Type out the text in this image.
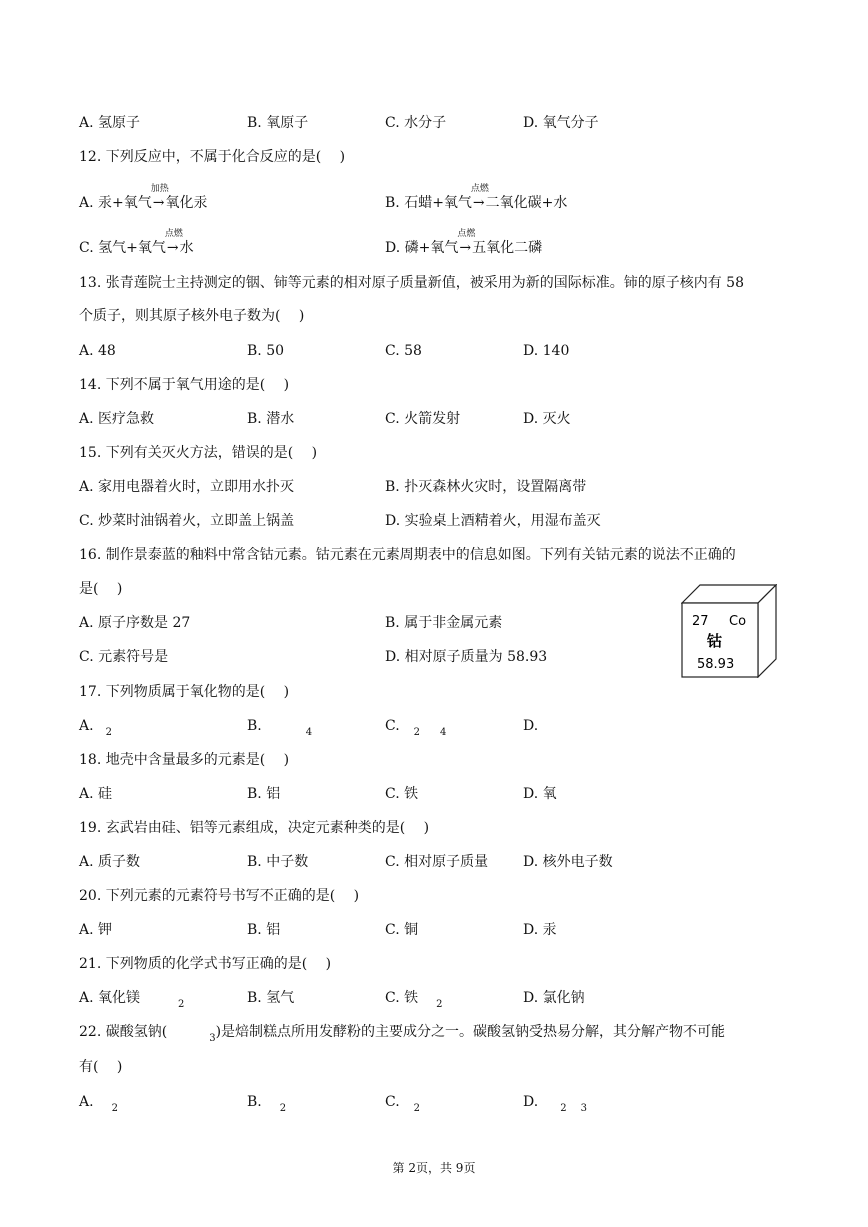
A. 氢原子	B. 氧原子	C. 水分子	D. 氧气分子
12. 下列反应中，不属于化合反应的是(　 )
A. 汞+氧气
加热
→氧化汞	B. 石蜡+氧气
点燃
→二氧化碳+水
C. 氢气+氧气
点燃
→水	D. 磷+氧气
点燃
→五氧化二磷
13. 张青莲院士主持测定的铟、铈等元素的相对原子质量新值，被采用为新的国际标准。铈的原子核内有 58
个质子，则其原子核外电子数为(　 )
A. 48	B. 50	C. 58	D. 140
14. 下列不属于氧气用途的是(　 )
A. 医疗急救	B. 潜水	C. 火箭发射	D. 灭火
15. 下列有关灭火方法，错误的是(　 )
A. 家用电器着火时，立即用水扑灭	B. 扑灭森林火灾时，设置隔离带
C. 炒菜时油锅着火，立即盖上锅盖	D. 实验桌上酒精着火，用湿布盖灭
16. 制作景泰蓝的釉料中常含钴元素。钴元素在元素周期表中的信息如图。下列有关钴元素的说法不正确的
是(　 )
A. 原子序数是 27	B. 属于非金属元素
C. 元素符号是	D. 相对原子质量为 58.93
27 Co
钴
58.93
17. 下列物质属于氧化物的是(　 )
A. $_2$	B.	$_4$	C. $_2$ $_4$	D.
18. 地壳中含量最多的元素是(　 )
A. 硅	B. 铝	C. 铁	D. 氧
19. 玄武岩由硅、铝等元素组成，决定元素种类的是(　 )
A. 质子数	B. 中子数	C. 相对原子质量 D. 核外电子数
20. 下列元素的元素符号书写不正确的是(　 )
A. 钾	B. 铝	C. 铜	D. 汞
21. 下列物质的化学式书写正确的是(　 )
A. 氧化镁	$_2$	B. 氢气	C. 铁 $_2$	D. 氯化钠
22. 碳酸氢钠(	$_3$)是焙制糕点所用发酵粉的主要成分之一。碳酸氢钠受热易分解，其分解产物不可能
有(　 )
A. $_2$	B. $_2$	C. $_2$	D. $_2$ $_3$
第 2页，共 9页
